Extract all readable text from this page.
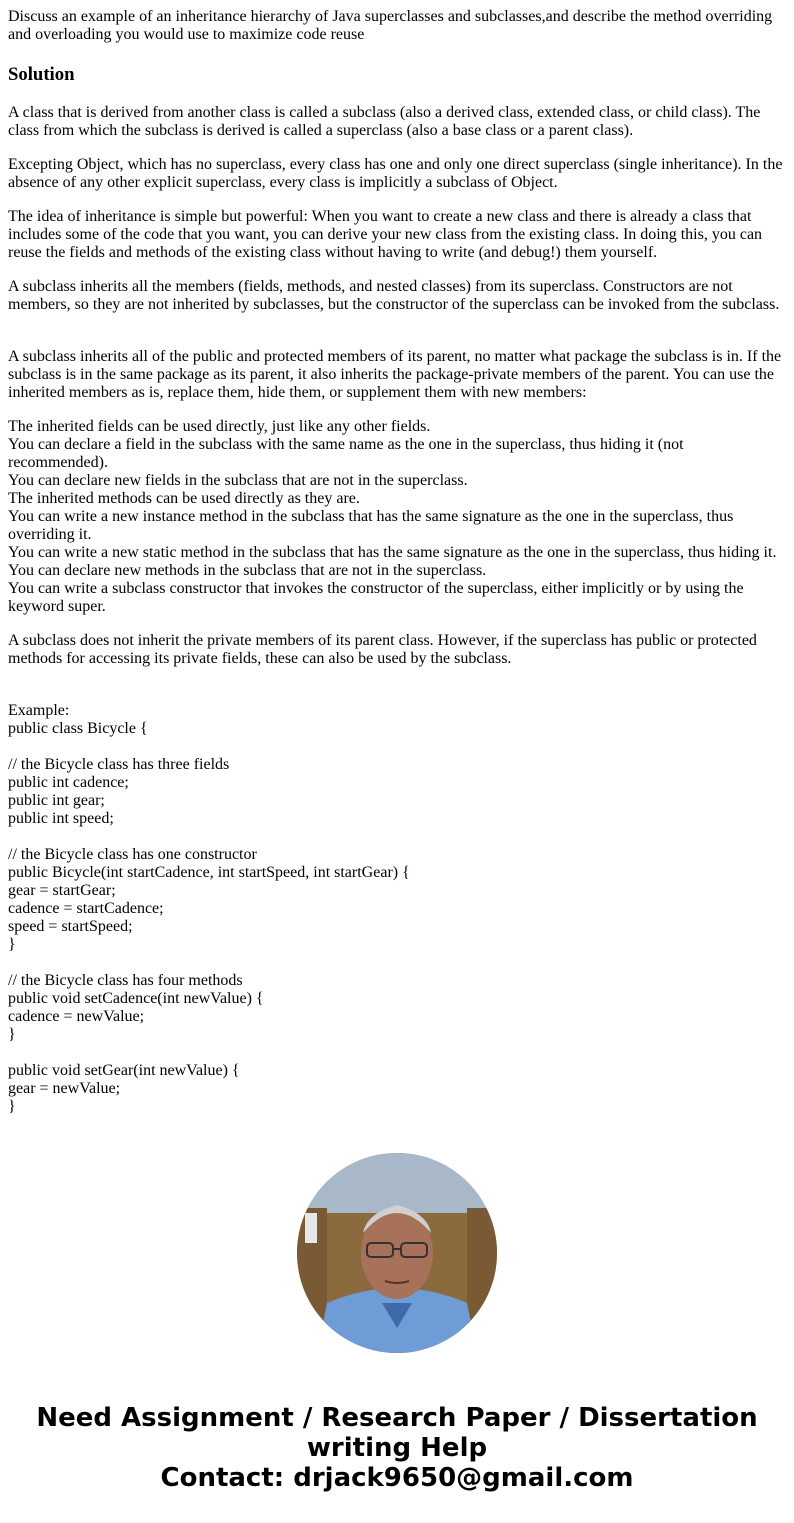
Discuss an example of an inheritance hierarchy of Java superclasses and subclasses,and describe the method overriding and overloading you would use to maximize code reuse
Solution

A class that is derived from another class is called a subclass (also a derived class, extended class, or child class). The class from which the subclass is derived is called a superclass (also a base class or a parent class).

Excepting Object, which has no superclass, every class has one and only one direct superclass (single inheritance). In the absence of any other explicit superclass, every class is implicitly a subclass of Object.

The idea of inheritance is simple but powerful: When you want to create a new class and there is already a class that includes some of the code that you want, you can derive your new class from the existing class. In doing this, you can reuse the fields and methods of the existing class without having to write (and debug!) them yourself.

A subclass inherits all the members (fields, methods, and nested classes) from its superclass. Constructors are not members, so they are not inherited by subclasses, but the constructor of the superclass can be invoked from the subclass.

A subclass inherits all of the public and protected members of its parent, no matter what package the subclass is in. If the subclass is in the same package as its parent, it also inherits the package-private members of the parent. You can use the inherited members as is, replace them, hide them, or supplement them with new members:

The inherited fields can be used directly, just like any other fields.
You can declare a field in the subclass with the same name as the one in the superclass, thus hiding it (not recommended).
You can declare new fields in the subclass that are not in the superclass.
The inherited methods can be used directly as they are.
You can write a new instance method in the subclass that has the same signature as the one in the superclass, thus overriding it.
You can write a new static method in the subclass that has the same signature as the one in the superclass, thus hiding it.
You can declare new methods in the subclass that are not in the superclass.
You can write a subclass constructor that invokes the constructor of the superclass, either implicitly or by using the keyword super.

A subclass does not inherit the private members of its parent class. However, if the superclass has public or protected methods for accessing its private fields, these can also be used by the subclass.

Example:
public class Bicycle {
// the Bicycle class has three fields
public int cadence;
public int gear;
public int speed;
// the Bicycle class has one constructor
public Bicycle(int startCadence, int startSpeed, int startGear) {
gear = startGear;
cadence = startCadence;
speed = startSpeed;
}
// the Bicycle class has four methods
public void setCadence(int newValue) {
cadence = newValue;
}
public void setGear(int newValue) {
gear = newValue;
}
Need Assignment / Research Paper / Dissertation
writing Help
Contact: drjack9650@gmail.com
